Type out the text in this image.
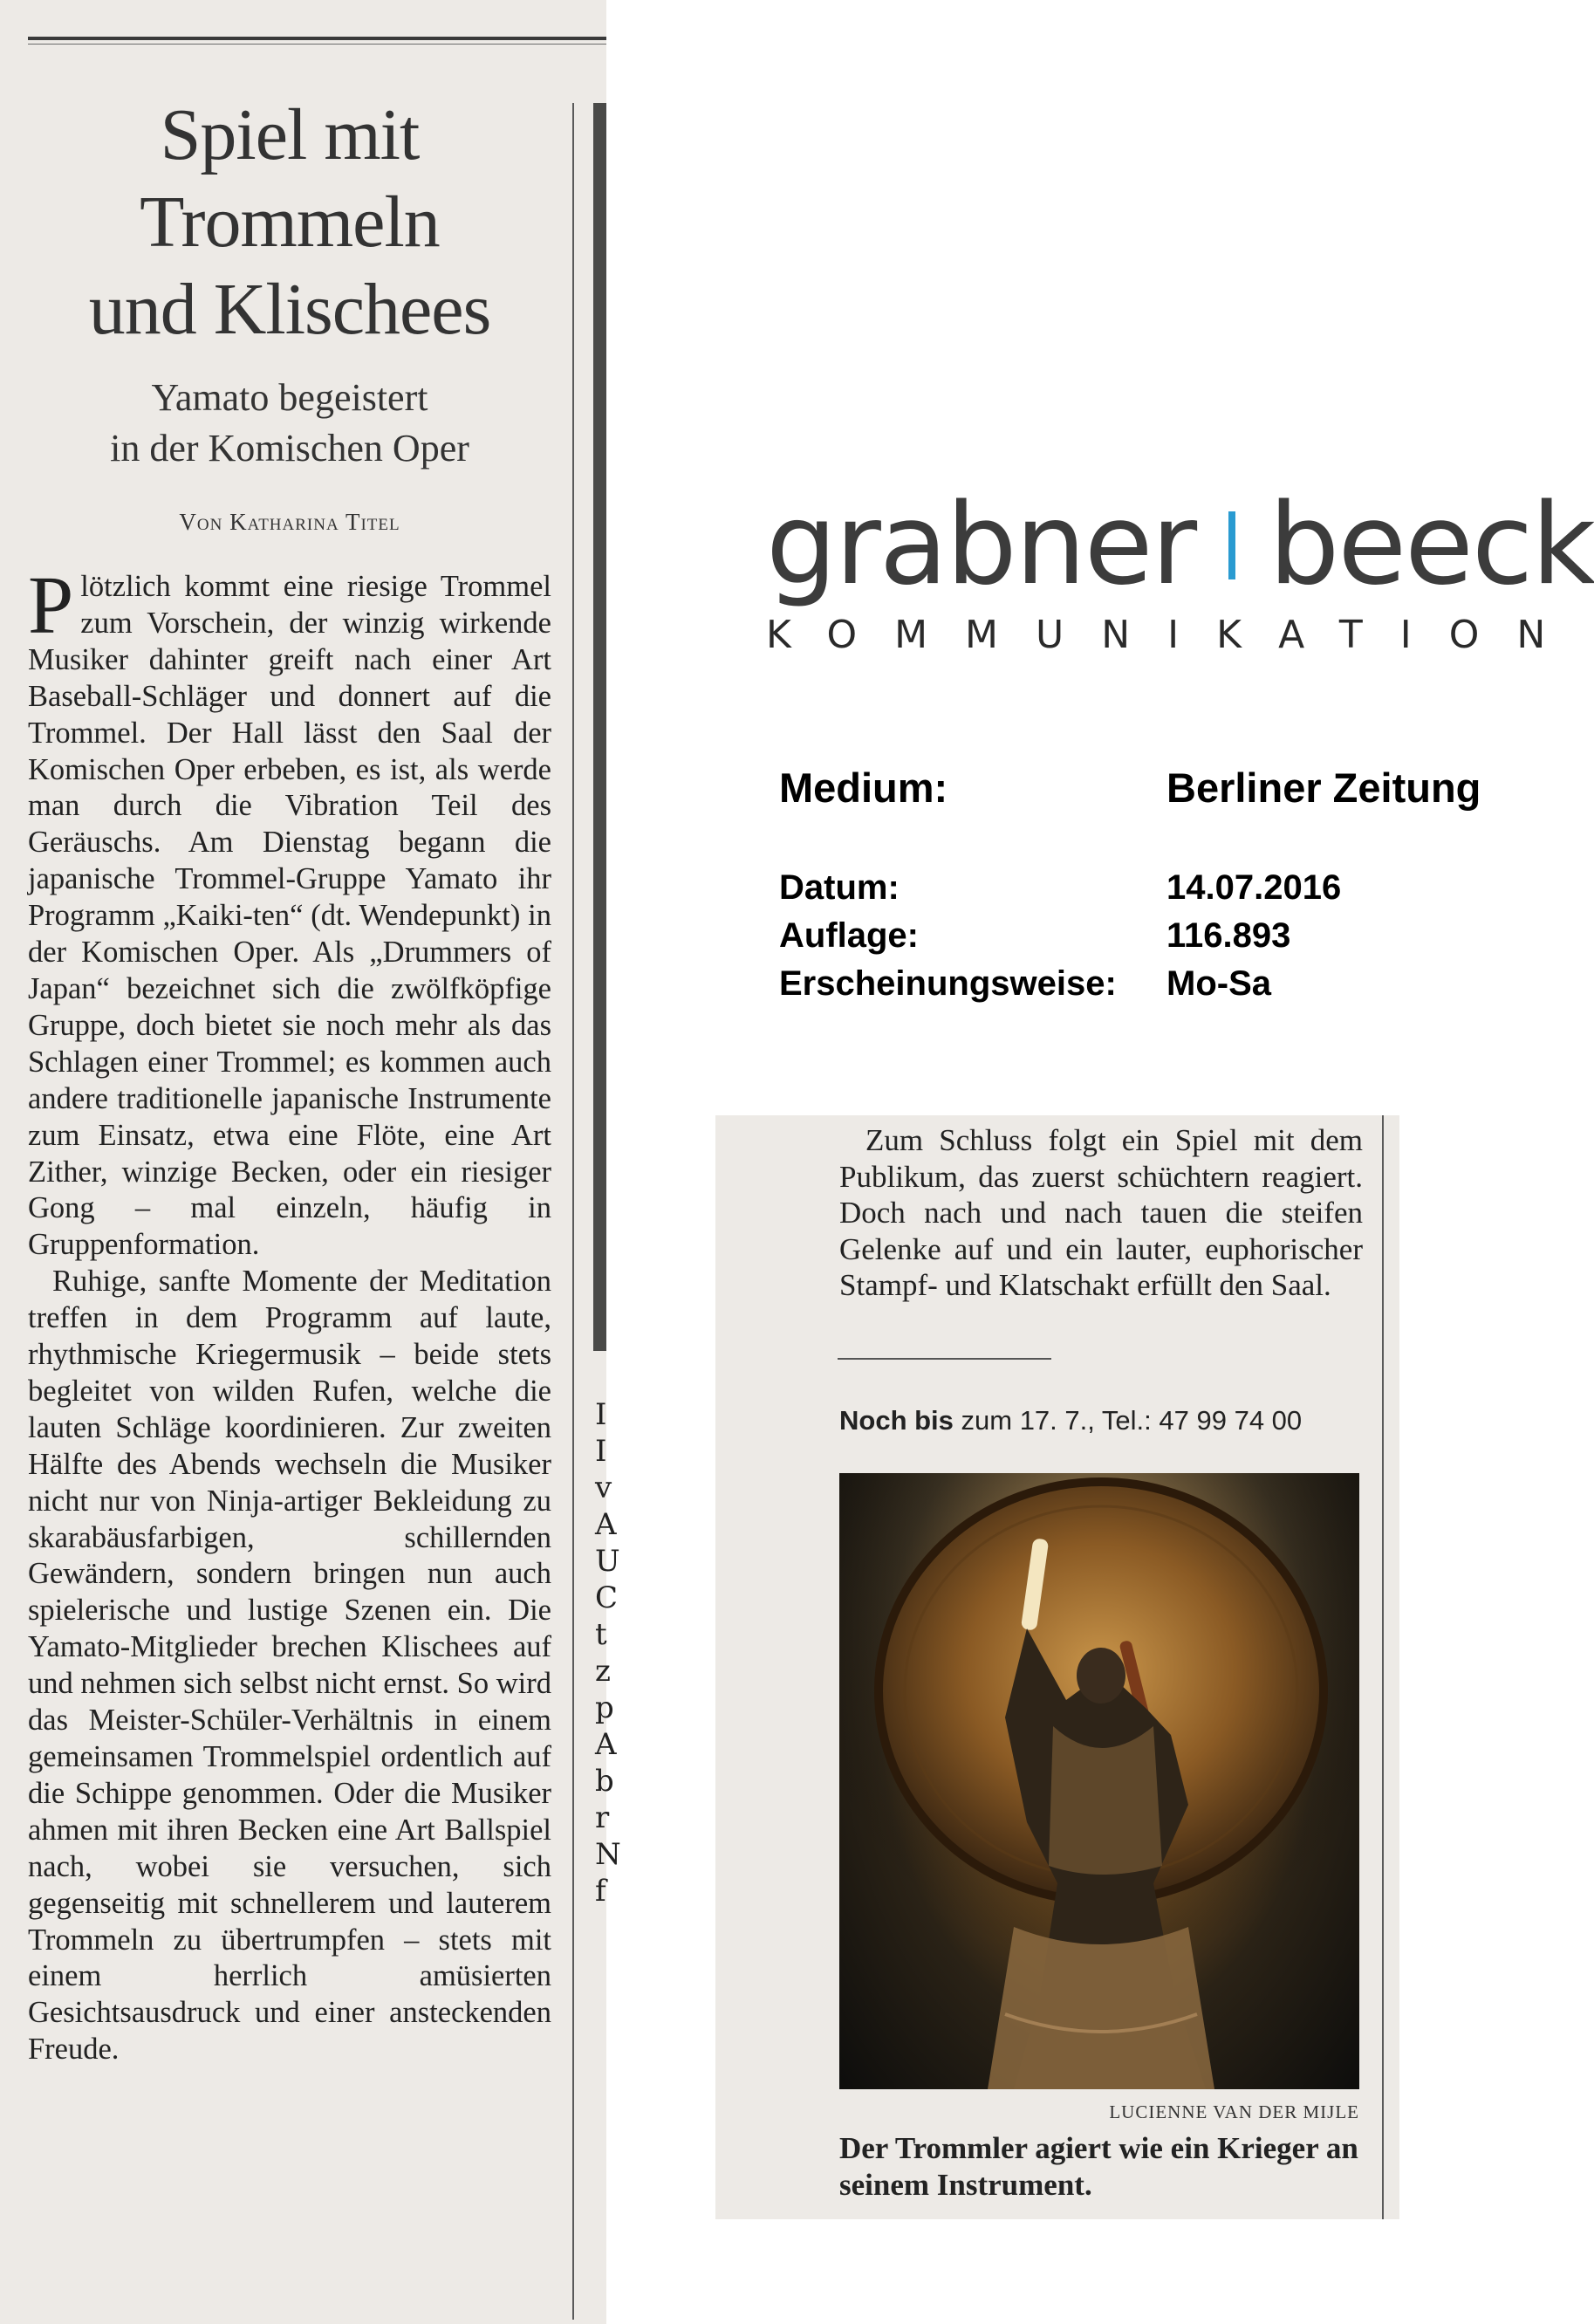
I
I
v
A
U
C
t
z
p
A
b
r
N
f
Spiel mit
Trommeln
und Klischees
Yamato begeistert
in der Komischen Oper
Von Katharina Titel

Plötzlich kommt eine riesige Trommel zum Vorschein, der winzig wirkende Musiker dahinter greift nach einer Art Baseball-Schläger und donnert auf die Trommel. Der Hall lässt den Saal der Komischen Oper erbeben, es ist, als werde man durch die Vibration Teil des Geräuschs. Am Dienstag begann die japanische Trommel-Gruppe Yamato ihr Programm „Kaiki-ten“ (dt. Wendepunkt) in der Komischen Oper. Als „Drummers of Japan“ bezeichnet sich die zwölfköpfige Gruppe, doch bietet sie noch mehr als das Schlagen einer Trommel; es kommen auch andere traditionelle japanische Instrumente zum Einsatz, etwa eine Flöte, eine Art Zither, winzige Becken, oder ein riesiger Gong – mal einzeln, häufig in Gruppenformation.

Ruhige, sanfte Momente der Meditation treffen in dem Programm auf laute, rhythmische Kriegermusik – beide stets begleitet von wilden Rufen, welche die lauten Schläge koordinieren. Zur zweiten Hälfte des Abends wechseln die Musiker nicht nur von Ninja-artiger Bekleidung zu skarabäusfarbigen, schillernden Gewändern, sondern bringen nun auch spielerische und lustige Szenen ein. Die Yamato-Mitglieder brechen Klischees auf und nehmen sich selbst nicht ernst. So wird das Meister-Schüler-Verhältnis in einem gemeinsamen Trommelspiel ordentlich auf die Schippe genommen. Oder die Musiker ahmen mit ihren Becken eine Art Ballspiel nach, wobei sie versuchen, sich gegenseitig mit schnellerem und lauterem Trommeln zu übertrumpfen – stets mit einem herrlich amüsierten Gesichtsausdruck und einer ansteckenden Freude.

grabner beeck
KOMMUNIKATION
Medium:	Berliner Zeitung
Datum:	14.07.2016
Auflage:	116.893
Erscheinungsweise: Mo-Sa

Zum Schluss folgt ein Spiel mit dem Publikum, das zuerst schüchtern reagiert. Doch nach und nach tauen die steifen Gelenke auf und ein lauter, euphorischer Stampf- und Klatschakt erfüllt den Saal.

Noch bis zum 17. 7., Tel.: 47 99 74 00
LUCIENNE VAN DER MIJLE
Der Trommler agiert wie ein Krieger an seinem Instrument.
